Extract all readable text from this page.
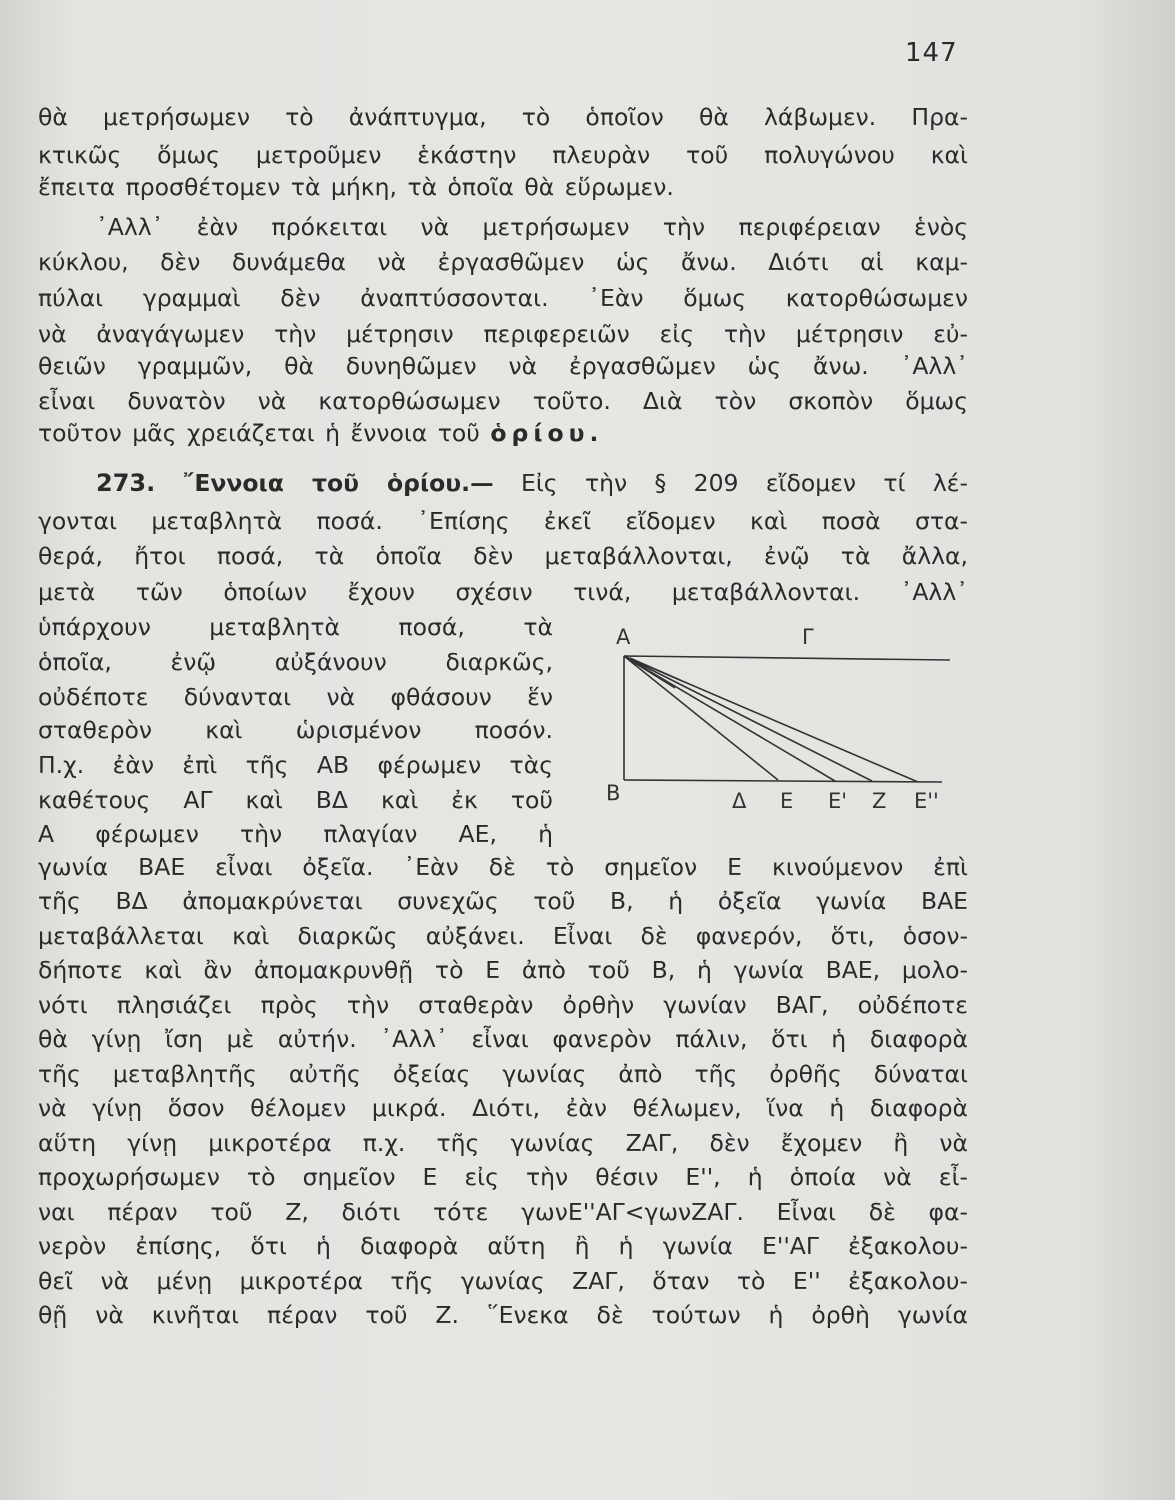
147
θὰ μετρήσωμεν τὸ ἀνάπτυγμα, τὸ ὁποῖον θὰ λάβωμεν. Πρα-
κτικῶς ὅμως μετροῦμεν ἑκάστην πλευρὰν τοῦ πολυγώνου καὶ
ἔπειτα προσθέτομεν τὰ μήκη, τὰ ὁποῖα θὰ εὕρωμεν.
᾿Αλλ᾿ ἐὰν πρόκειται νὰ μετρήσωμεν τὴν περιφέρειαν ἑνὸς
κύκλου, δὲν δυνάμεθα νὰ ἐργασθῶμεν ὡς ἄνω. Διότι αἱ καμ-
πύλαι γραμμαὶ δὲν ἀναπτύσσονται. ᾿Εὰν ὅμως κατορθώσωμεν
νὰ ἀναγάγωμεν τὴν μέτρησιν περιφερειῶν εἰς τὴν μέτρησιν εὐ-
θειῶν γραμμῶν, θὰ δυνηθῶμεν νὰ ἐργασθῶμεν ὡς ἄνω. ᾿Αλλ᾿
εἶναι δυνατὸν νὰ κατορθώσωμεν τοῦτο. Διὰ τὸν σκοπὸν ὅμως
τοῦτον μᾶς χρειάζεται ἡ ἔννοια τοῦ ὁρίου.
273. ῎Εννοια τοῦ ὁρίου.— Εἰς τὴν § 209 εἴδομεν τί λέ-
γονται μεταβλητὰ ποσά. ᾿Επίσης ἐκεῖ εἴδομεν καὶ ποσὰ στα-
θερά, ἤτοι ποσά, τὰ ὁποῖα δὲν μεταβάλλονται, ἐνῷ τὰ ἄλλα,
μετὰ τῶν ὁποίων ἔχουν σχέσιν τινά, μεταβάλλονται. ᾿Αλλ᾿
ὑπάρχουν μεταβλητὰ ποσά, τὰ
ὁποῖα, ἐνῷ αὐξάνουν διαρκῶς,
οὐδέποτε δύνανται νὰ φθάσουν ἕν
σταθερὸν καὶ ὡρισμένον ποσόν.
Π.χ. ἐὰν ἐπὶ τῆς ΑΒ φέρωμεν τὰς
καθέτους ΑΓ καὶ ΒΔ καὶ ἐκ τοῦ
Α φέρωμεν τὴν πλαγίαν ΑΕ, ἡ
Α	Γ
Β	Δ Ε Ε' Ζ Ε''
γωνία ΒΑΕ εἶναι ὀξεῖα. ᾿Εὰν δὲ τὸ σημεῖον Ε κινούμενον ἐπὶ
τῆς ΒΔ ἀπομακρύνεται συνεχῶς τοῦ Β, ἡ ὀξεῖα γωνία ΒΑΕ
μεταβάλλεται καὶ διαρκῶς αὐξάνει. Εἶναι δὲ φανερόν, ὅτι, ὁσον-
δήποτε καὶ ἂν ἀπομακρυνθῇ τὸ Ε ἀπὸ τοῦ Β, ἡ γωνία ΒΑΕ, μολο-
νότι πλησιάζει πρὸς τὴν σταθερὰν ὀρθὴν γωνίαν ΒΑΓ, οὐδέποτε
θὰ γίνῃ ἴση μὲ αὐτήν. ᾿Αλλ᾿ εἶναι φανερὸν πάλιν, ὅτι ἡ διαφορὰ
τῆς μεταβλητῆς αὐτῆς ὀξείας γωνίας ἀπὸ τῆς ὀρθῆς δύναται
νὰ γίνῃ ὅσον θέλομεν μικρά. Διότι, ἐὰν θέλωμεν, ἵνα ἡ διαφορὰ
αὕτη γίνῃ μικροτέρα π.χ. τῆς γωνίας ΖΑΓ, δὲν ἔχομεν ἢ νὰ
προχωρήσωμεν τὸ σημεῖον Ε εἰς τὴν θέσιν Ε'', ἡ ὁποία νὰ εἶ-
ναι πέραν τοῦ Ζ, διότι τότε γωνΕ''ΑΓ<γωνΖΑΓ. Εἶναι δὲ φα-
νερὸν ἐπίσης, ὅτι ἡ διαφορὰ αὕτη ἢ ἡ γωνία Ε''ΑΓ ἐξακολου-
θεῖ νὰ μένῃ μικροτέρα τῆς γωνίας ΖΑΓ, ὅταν τὸ Ε'' ἐξακολου-
θῇ νὰ κινῆται πέραν τοῦ Ζ. ῞Ενεκα δὲ τούτων ἡ ὀρθὴ γωνία
